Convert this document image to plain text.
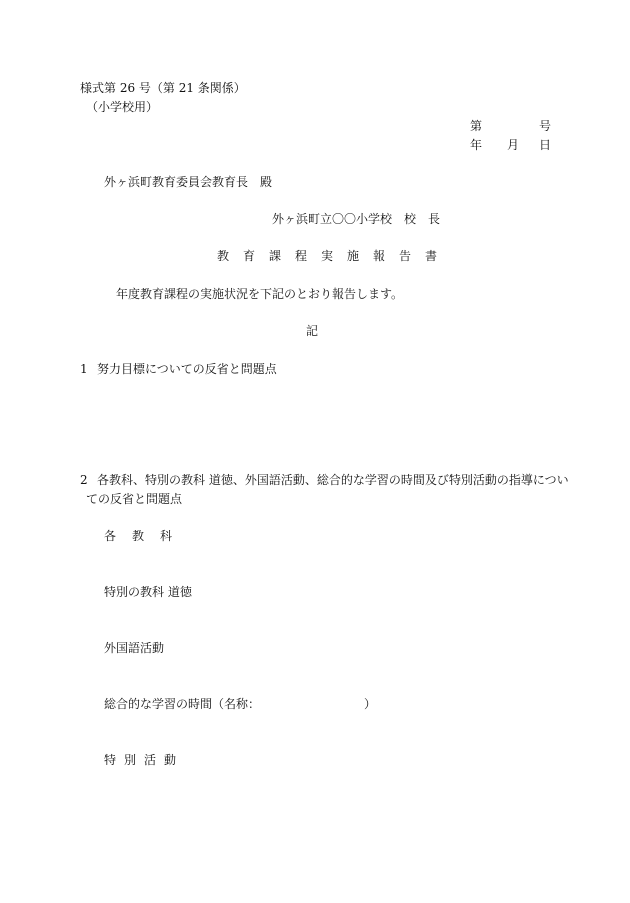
様式第 26 号（第 21 条関係）
（小学校用）
第	号
年 月 日
外ヶ浜町教育委員会教育長　殿
外ヶ浜町立〇〇小学校　校　長
教育課程実施報告書
年度教育課程の実施状況を下記のとおり報告します。
記
1 努力目標についての反省と問題点
2 各教科、特別の教科 道徳、外国語活動、総合的な学習の時間及び特別活動の指導につい
ての反省と問題点
各教科
特別の教科 道徳
外国語活動
総合的な学習の時間（名称：	）
特別活動
